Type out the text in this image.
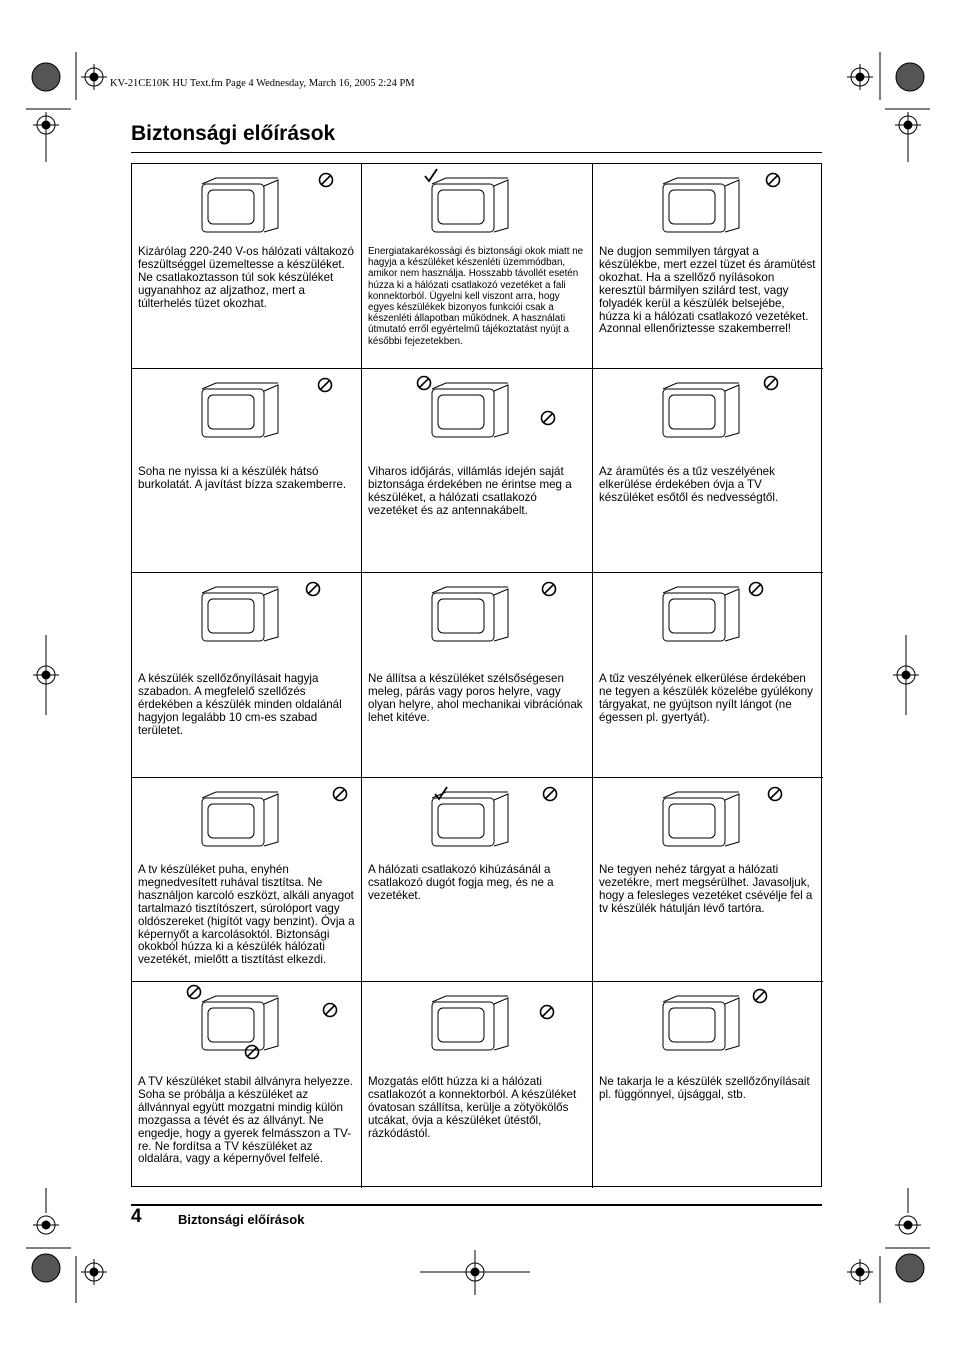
KV-21CE10K HU Text.fm Page 4 Wednesday, March 16, 2005 2:24 PM
Biztonsági előírások
Kizárólag 220-240 V-os hálózati váltakozó feszültséggel üzemeltesse a készüléket. Ne csatlakoztasson túl sok készüléket ugyanahhoz az aljzathoz, mert a túlterhelés tüzet okozhat.
Energiatakarékossági és biztonsági okok miatt ne hagyja a készüléket készenléti üzemmódban, amikor nem használja. Hosszabb távollét esetén húzza ki a hálózati csatlakozó vezetéket a fali konnektorból. Ügyelni kell viszont arra, hogy egyes készülékek bizonyos funkciói csak a készenléti állapotban működnek. A használati útmutató erről egyértelmű tájékoztatást nyújt a későbbi fejezetekben.
Ne dugjon semmilyen tárgyat a készülékbe, mert ezzel tüzet és áramütést okozhat. Ha a szellőző nyílásokon keresztül bármilyen szilárd test, vagy folyadék kerül a készülék belsejébe, húzza ki a hálózati csatlakozó vezetéket. Azonnal ellenőriztesse szakemberrel!
Soha ne nyissa ki a készülék hátsó burkolatát. A javítást bízza szakemberre.
Viharos időjárás, villámlás idején saját biztonsága érdekében ne érintse meg a készüléket, a hálózati csatlakozó vezetéket és az antennakábelt.
Az áramütés és a tűz veszélyének elkerülése érdekében óvja a TV készüléket esőtől és nedvességtől.
A készülék szellőzőnyílásait hagyja szabadon. A megfelelő szellőzés érdekében a készülék minden oldalánál hagyjon legalább 10 cm-es szabad területet.
Ne állítsa a készüléket szélsőségesen meleg, párás vagy poros helyre, vagy olyan helyre, ahol mechanikai vibrációnak lehet kitéve.
A tűz veszélyének elkerülése érdekében ne tegyen a készülék közelébe gyúlékony tárgyakat, ne gyújtson nyílt lángot (ne égessen pl. gyertyát).
A tv készüléket puha, enyhén megnedvesített ruhával tisztítsa. Ne használjon karcoló eszközt, alkáli anyagot tartalmazó tisztítószert, súrolóport vagy oldószereket (higítót vagy benzint). Óvja a képernyőt a karcolásoktól. Biztonsági okokból húzza ki a készülék hálózati vezetékét, mielőtt a tisztítást elkezdi.
A hálózati csatlakozó kihúzásánál a csatlakozó dugót fogja meg, és ne a vezetéket.
Ne tegyen nehéz tárgyat a hálózati vezetékre, mert megsérülhet. Javasoljuk, hogy a felesleges vezetéket csévélje fel a tv készülék hátulján lévő tartóra.
A TV készüléket stabil állványra helyezze. Soha se próbálja a készüléket az állvánnyal együtt mozgatni mindig külön mozgassa a tévét és az állványt. Ne engedje, hogy a gyerek felmásszon a TV-re. Ne fordítsa a TV készüléket az oldalára, vagy a képernyővel felfelé.
Mozgatás előtt húzza ki a hálózati csatlakozót a konnektorból. A készüléket óvatosan szállítsa, kerülje a zötyökölős utcákat, óvja a készüléket ütéstől, rázkódástól.
Ne takarja le a készülék szellőzőnyílásait pl. függönnyel, újsággal, stb.
4	Biztonsági előírások
